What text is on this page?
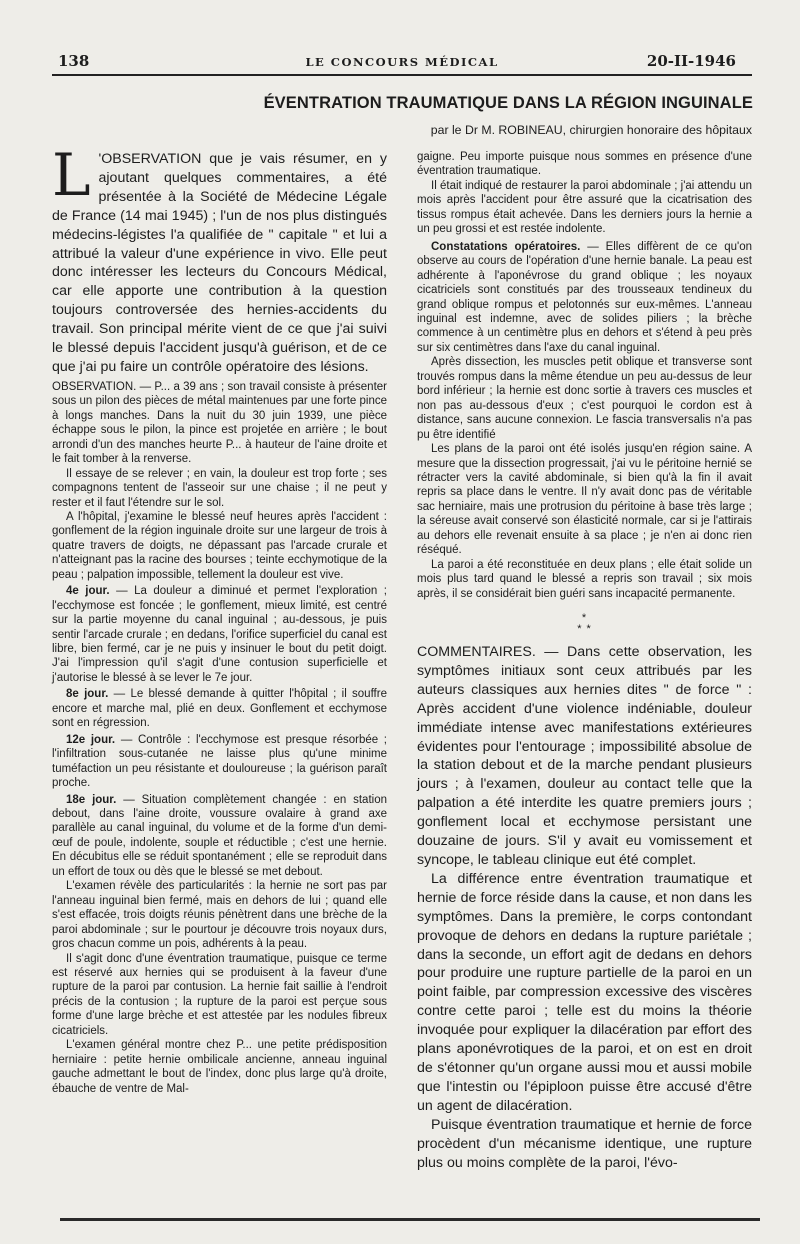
138	LE CONCOURS MÉDICAL	20-II-1946
ÉVENTRATION TRAUMATIQUE DANS LA RÉGION INGUINALE
par le Dr M. ROBINEAU, chirurgien honoraire des hôpitaux

L 'OBSERVATION que je vais résumer, en y ajoutant quelques commentaires, a été présentée à la Société de Médecine Légale de France (14 mai 1945) ; l'un de nos plus distingués médecins-légistes l'a qualifiée de " capitale " et lui a attribué la valeur d'une expérience in vivo. Elle peut donc intéresser les lecteurs du Concours Médical, car elle apporte une contribution à la question toujours controversée des hernies-accidents du travail. Son principal mérite vient de ce que j'ai suivi le blessé depuis l'accident jusqu'à guérison, et de ce que j'ai pu faire un contrôle opératoire des lésions.

OBSERVATION. — P... a 39 ans ; son travail consiste à présenter sous un pilon des pièces de métal maintenues par une forte pince à longs manches. Dans la nuit du 30 juin 1939, une pièce échappe sous le pilon, la pince est projetée en arrière ; le bout arrondi d'un des manches heurte P... à hauteur de l'aine droite et le fait tomber à la renverse.

Il essaye de se relever ; en vain, la douleur est trop forte ; ses compagnons tentent de l'asseoir sur une chaise ; il ne peut y rester et il faut l'étendre sur le sol.

A l'hôpital, j'examine le blessé neuf heures après l'accident : gonflement de la région inguinale droite sur une largeur de trois à quatre travers de doigts, ne dépassant pas l'arcade crurale et n'atteignant pas la racine des bourses ; teinte ecchymotique de la peau ; palpation impossible, tellement la douleur est vive.

4e jour. — La douleur a diminué et permet l'exploration ; l'ecchymose est foncée ; le gonflement, mieux limité, est centré sur la partie moyenne du canal inguinal ; au-dessous, je puis sentir l'arcade crurale ; en dedans, l'orifice superficiel du canal est libre, bien fermé, car je ne puis y insinuer le bout du petit doigt. J'ai l'impression qu'il s'agit d'une contusion superficielle et j'autorise le blessé à se lever le 7e jour.

8e jour. — Le blessé demande à quitter l'hôpital ; il souffre encore et marche mal, plié en deux. Gonflement et ecchymose sont en régression.

12e jour. — Contrôle : l'ecchymose est presque résorbée ; l'infiltration sous-cutanée ne laisse plus qu'une minime tuméfaction un peu résistante et douloureuse ; la guérison paraît proche.

18e jour. — Situation complètement changée : en station debout, dans l'aine droite, voussure ovalaire à grand axe parallèle au canal inguinal, du volume et de la forme d'un demi-œuf de poule, indolente, souple et réductible ; c'est une hernie. En décubitus elle se réduit spontanément ; elle se reproduit dans un effort de toux ou dès que le blessé se met debout.

L'examen révèle des particularités : la hernie ne sort pas par l'anneau inguinal bien fermé, mais en dehors de lui ; quand elle s'est effacée, trois doigts réunis pénètrent dans une brèche de la paroi abdominale ; sur le pourtour je découvre trois noyaux durs, gros chacun comme un pois, adhérents à la peau.

Il s'agit donc d'une éventration traumatique, puisque ce terme est réservé aux hernies qui se produisent à la faveur d'une rupture de la paroi par contusion. La hernie fait saillie à l'endroit précis de la contusion ; la rupture de la paroi est perçue sous forme d'une large brèche et est attestée par les nodules fibreux cicatriciels.

L'examen général montre chez P... une petite prédisposition herniaire : petite hernie ombilicale ancienne, anneau inguinal gauche admettant le bout de l'index, donc plus large qu'à droite, ébauche de ventre de Mal-

gaigne. Peu importe puisque nous sommes en présence d'une éventration traumatique.

Il était indiqué de restaurer la paroi abdominale ; j'ai attendu un mois après l'accident pour être assuré que la cicatrisation des tissus rompus était achevée. Dans les derniers jours la hernie a un peu grossi et est restée indolente.

Constatations opératoires. — Elles diffèrent de ce qu'on observe au cours de l'opération d'une hernie banale. La peau est adhérente à l'aponévrose du grand oblique ; les noyaux cicatriciels sont constitués par des trousseaux tendineux du grand oblique rompus et pelotonnés sur eux-mêmes. L'anneau inguinal est indemne, avec de solides piliers ; la brèche commence à un centimètre plus en dehors et s'étend à peu près sur six centimètres dans l'axe du canal inguinal.

Après dissection, les muscles petit oblique et transverse sont trouvés rompus dans la même étendue un peu au-dessus de leur bord inférieur ; la hernie est donc sortie à travers ces muscles et non pas au-dessous d'eux ; c'est pourquoi le cordon est à distance, sans aucune connexion. Le fascia transversalis n'a pas pu être identifié

Les plans de la paroi ont été isolés jusqu'en région saine. A mesure que la dissection progressait, j'ai vu le péritoine hernié se rétracter vers la cavité abdominale, si bien qu'à la fin il avait repris sa place dans le ventre. Il n'y avait donc pas de véritable sac herniaire, mais une protrusion du péritoine à base très large ; la séreuse avait conservé son élasticité normale, car si je l'attirais au dehors elle revenait ensuite à sa place ; je n'en ai donc rien réséqué.

La paroi a été reconstituée en deux plans ; elle était solide un mois plus tard quand le blessé a repris son travail ; six mois après, il se considérait bien guéri sans incapacité permanente.

*
* *

COMMENTAIRES. — Dans cette observation, les symptômes initiaux sont ceux attribués par les auteurs classiques aux hernies dites " de force " : Après accident d'une violence indéniable, douleur immédiate intense avec manifestations extérieures évidentes pour l'entourage ; impossibilité absolue de la station debout et de la marche pendant plusieurs jours ; à l'examen, douleur au contact telle que la palpation a été interdite les quatre premiers jours ; gonflement local et ecchymose persistant une douzaine de jours. S'il y avait eu vomissement et syncope, le tableau clinique eut été complet.

La différence entre éventration traumatique et hernie de force réside dans la cause, et non dans les symptômes. Dans la première, le corps contondant provoque de dehors en dedans la rupture pariétale ; dans la seconde, un effort agit de dedans en dehors pour produire une rupture partielle de la paroi en un point faible, par compression excessive des viscères contre cette paroi ; telle est du moins la théorie invoquée pour expliquer la dilacération par effort des plans aponévrotiques de la paroi, et on est en droit de s'étonner qu'un organe aussi mou et aussi mobile que l'intestin ou l'épiploon puisse être accusé d'être un agent de dilacération.

Puisque éventration traumatique et hernie de force procèdent d'un mécanisme identique, une rupture plus ou moins complète de la paroi, l'évo-
